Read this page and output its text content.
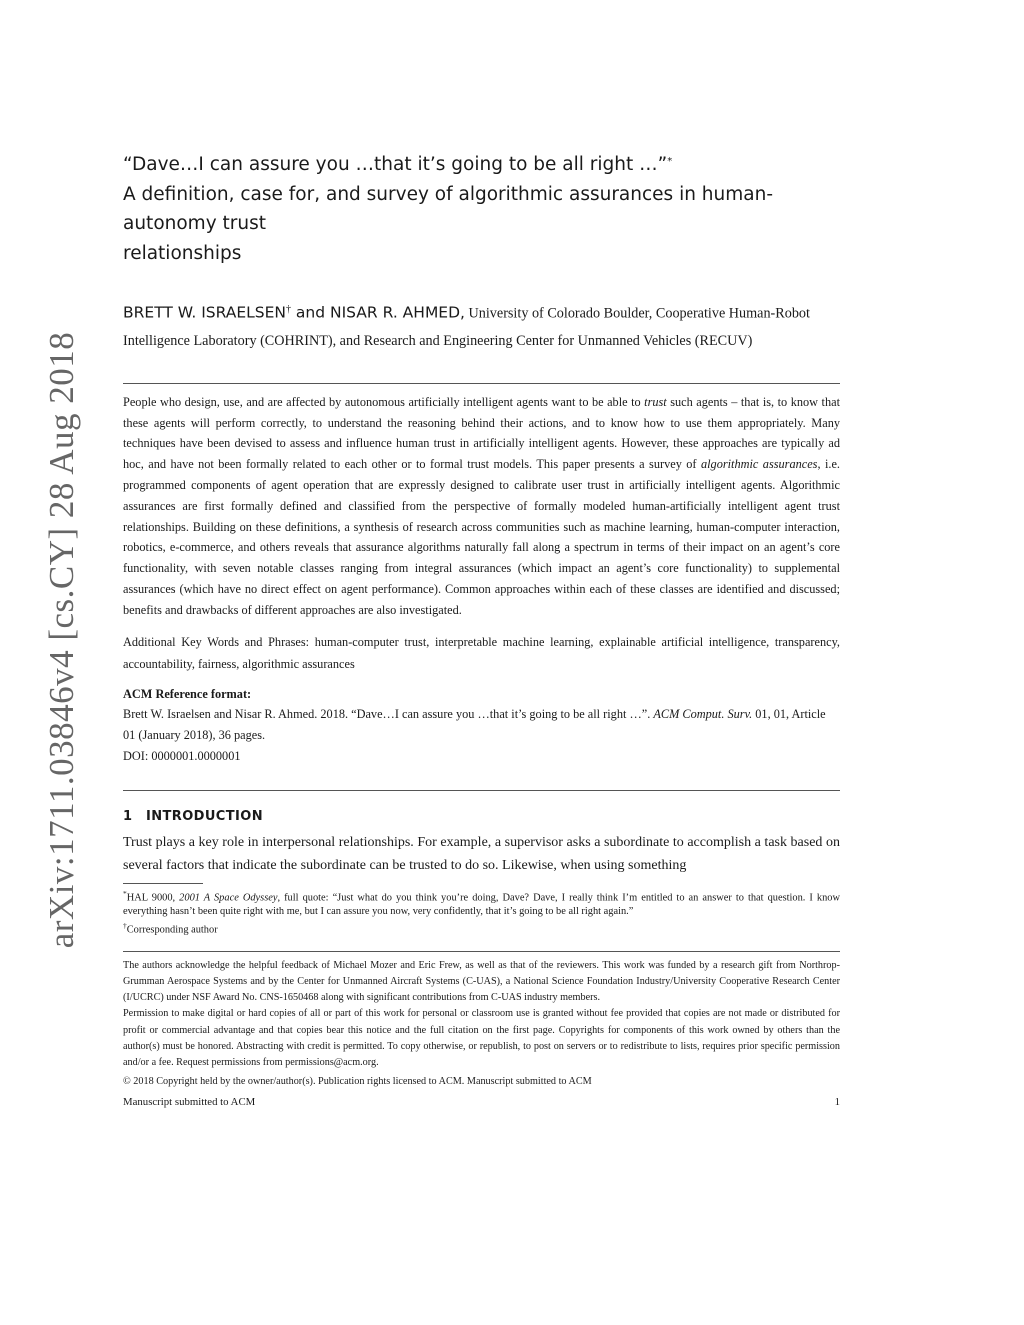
arXiv:1711.03846v4 [cs.CY] 28 Aug 2018
“Dave…I can assure you …that it’s going to be all right …”*
A definition, case for, and survey of algorithmic assurances in human-autonomy trust
relationships
BRETT W. ISRAELSEN† and NISAR R. AHMED, University of Colorado Boulder, Cooperative Human-Robot Intelligence Laboratory (COHRINT), and Research and Engineering Center for Unmanned Vehicles (RECUV)
People who design, use, and are affected by autonomous artificially intelligent agents want to be able to trust such agents – that is, to know that these agents will perform correctly, to understand the reasoning behind their actions, and to know how to use them appropriately. Many techniques have been devised to assess and influence human trust in artificially intelligent agents. However, these approaches are typically ad hoc, and have not been formally related to each other or to formal trust models. This paper presents a survey of algorithmic assurances, i.e. programmed components of agent operation that are expressly designed to calibrate user trust in artificially intelligent agents. Algorithmic assurances are first formally defined and classified from the perspective of formally modeled human-artificially intelligent agent trust relationships. Building on these definitions, a synthesis of research across communities such as machine learning, human-computer interaction, robotics, e-commerce, and others reveals that assurance algorithms naturally fall along a spectrum in terms of their impact on an agent’s core functionality, with seven notable classes ranging from integral assurances (which impact an agent’s core functionality) to supplemental assurances (which have no direct effect on agent performance). Common approaches within each of these classes are identified and discussed; benefits and drawbacks of different approaches are also investigated.
Additional Key Words and Phrases: human-computer trust, interpretable machine learning, explainable artificial intelligence, transparency, accountability, fairness, algorithmic assurances
ACM Reference format:
Brett W. Israelsen and Nisar R. Ahmed. 2018. “Dave…I can assure you …that it’s going to be all right …”. ACM Comput. Surv. 01, 01, Article 01 (January 2018), 36 pages.
DOI: 0000001.0000001
1 INTRODUCTION
Trust plays a key role in interpersonal relationships. For example, a supervisor asks a subordinate to accomplish a task based on several factors that indicate the subordinate can be trusted to do so. Likewise, when using something
*HAL 9000, 2001 A Space Odyssey, full quote: “Just what do you think you’re doing, Dave? Dave, I really think I’m entitled to an answer to that question. I know everything hasn’t been quite right with me, but I can assure you now, very confidently, that it’s going to be all right again.”
†Corresponding author
The authors acknowledge the helpful feedback of Michael Mozer and Eric Frew, as well as that of the reviewers. This work was funded by a research gift from Northrop-Grumman Aerospace Systems and by the Center for Unmanned Aircraft Systems (C-UAS), a National Science Foundation Industry/University Cooperative Research Center (I/UCRC) under NSF Award No. CNS-1650468 along with significant contributions from C-UAS industry members.
Permission to make digital or hard copies of all or part of this work for personal or classroom use is granted without fee provided that copies are not made or distributed for profit or commercial advantage and that copies bear this notice and the full citation on the first page. Copyrights for components of this work owned by others than the author(s) must be honored. Abstracting with credit is permitted. To copy otherwise, or republish, to post on servers or to redistribute to lists, requires prior specific permission and/or a fee. Request permissions from permissions@acm.org.
© 2018 Copyright held by the owner/author(s). Publication rights licensed to ACM. Manuscript submitted to ACM
Manuscript submitted to ACM	1
